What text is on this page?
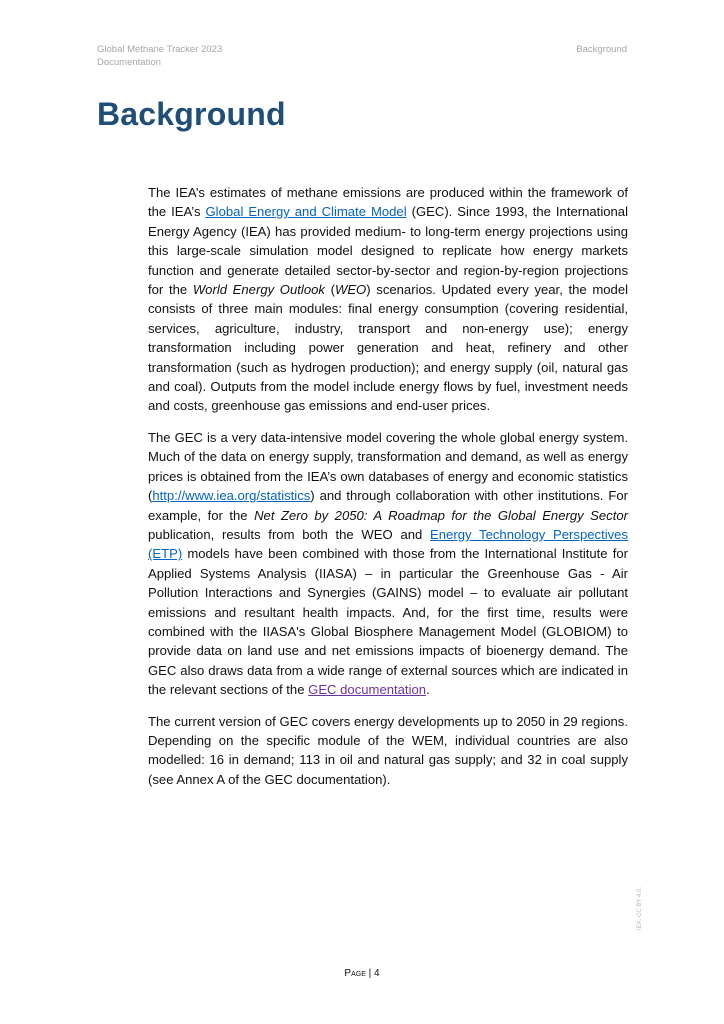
Global Methane Tracker 2023
Documentation
Background
Background

The IEA’s estimates of methane emissions are produced within the framework of the IEA’s Global Energy and Climate Model (GEC). Since 1993, the International Energy Agency (IEA) has provided medium- to long-term energy projections using this large-scale simulation model designed to replicate how energy markets function and generate detailed sector-by-sector and region-by-region projections for the World Energy Outlook (WEO) scenarios. Updated every year, the model consists of three main modules: final energy consumption (covering residential, services, agriculture, industry, transport and non-energy use); energy transformation including power generation and heat, refinery and other transformation (such as hydrogen production); and energy supply (oil, natural gas and coal). Outputs from the model include energy flows by fuel, investment needs and costs, greenhouse gas emissions and end-user prices.

The GEC is a very data-intensive model covering the whole global energy system. Much of the data on energy supply, transformation and demand, as well as energy prices is obtained from the IEA’s own databases of energy and economic statistics (http://www.iea.org/statistics) and through collaboration with other institutions. For example, for the Net Zero by 2050: A Roadmap for the Global Energy Sector publication, results from both the WEO and Energy Technology Perspectives (ETP) models have been combined with those from the International Institute for Applied Systems Analysis (IIASA) – in particular the Greenhouse Gas - Air Pollution Interactions and Synergies (GAINS) model – to evaluate air pollutant emissions and resultant health impacts. And, for the first time, results were combined with the IIASA's Global Biosphere Management Model (GLOBIOM) to provide data on land use and net emissions impacts of bioenergy demand. The GEC also draws data from a wide range of external sources which are indicated in the relevant sections of the GEC documentation.

The current version of GEC covers energy developments up to 2050 in 29 regions. Depending on the specific module of the WEM, individual countries are also modelled: 16 in demand; 113 in oil and natural gas supply; and 32 in coal supply (see Annex A of the GEC documentation).

Page | 4
IEA. CC BY 4.0.
